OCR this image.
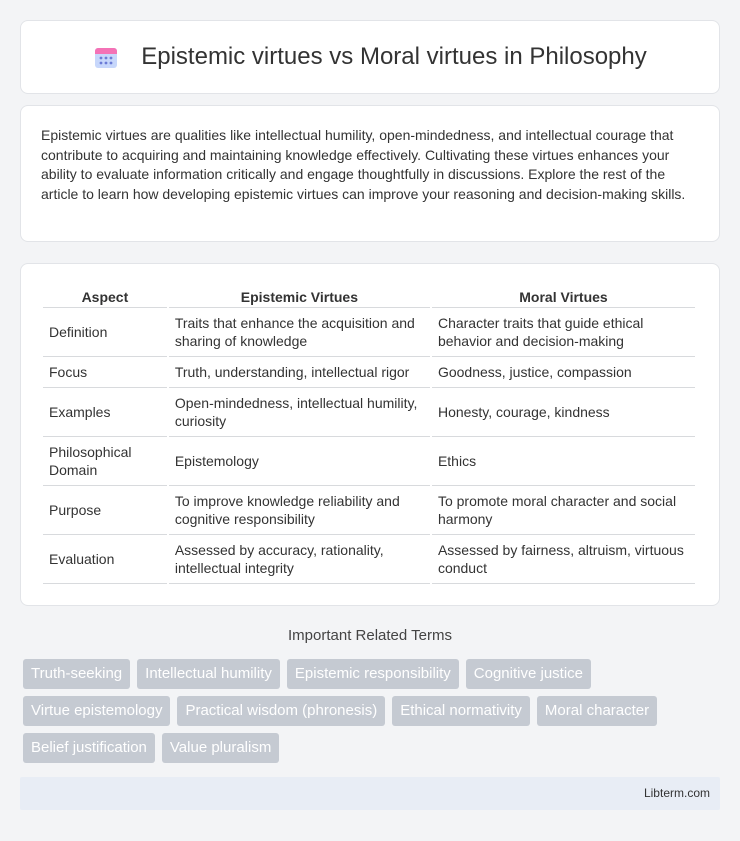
Epistemic virtues vs Moral virtues in Philosophy

Epistemic virtues are qualities like intellectual humility, open-mindedness, and intellectual courage that contribute to acquiring and maintaining knowledge effectively. Cultivating these virtues enhances your ability to evaluate information critically and engage thoughtfully in discussions. Explore the rest of the article to learn how developing epistemic virtues can improve your reasoning and decision-making skills.

Aspect	Epistemic Virtues	Moral Virtues
Definition	Traits that enhance the acquisition and sharing of knowledge	Character traits that guide ethical behavior and decision-making
Focus	Truth, understanding, intellectual rigor	Goodness, justice, compassion
Examples	Open-mindedness, intellectual humility, curiosity	Honesty, courage, kindness
Philosophical Domain	Epistemology	Ethics
Purpose	To improve knowledge reliability and cognitive responsibility	To promote moral character and social harmony
Evaluation	Assessed by accuracy, rationality, intellectual integrity	Assessed by fairness, altruism, virtuous conduct
Important Related Terms
Truth-seeking	Intellectual humility	Epistemic responsibility	Cognitive justice
Virtue epistemology	Practical wisdom (phronesis)	Ethical normativity	Moral character
Belief justification	Value pluralism
Libterm.com
